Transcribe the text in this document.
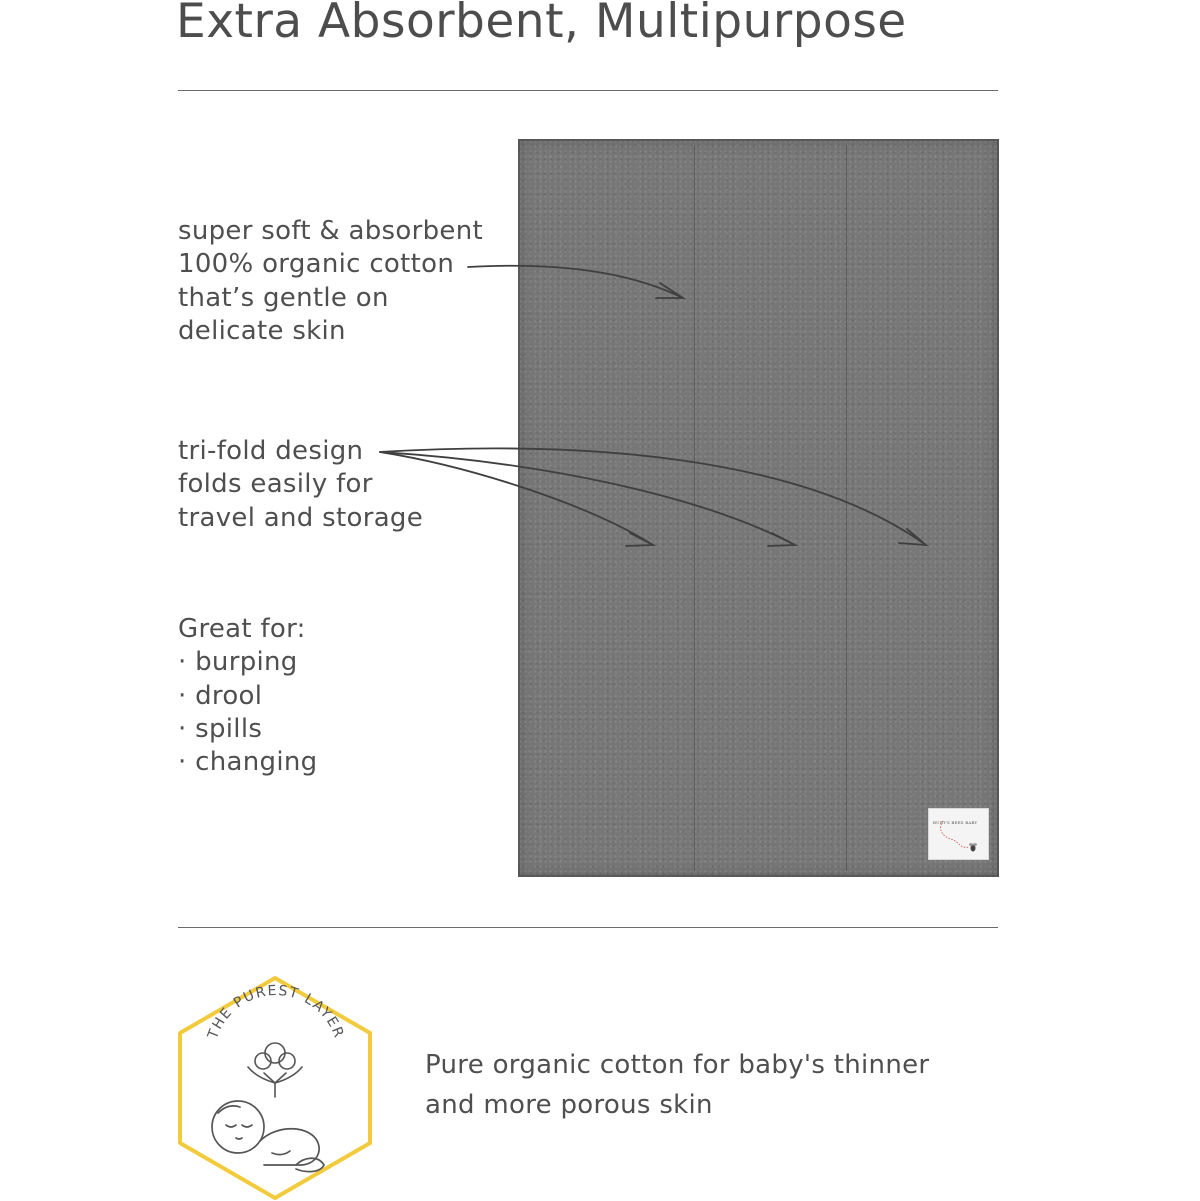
Extra Absorbent, Multipurpose
BURT'S BEES BABY
super soft & absorbent
100% organic cotton
that’s gentle on
delicate skin
tri-fold design
folds easily for
travel and storage
Great for:
· burping
· drool
· spills
· changing
THE PUREST LAYER
Pure organic cotton for baby's thinner
and more porous skin
